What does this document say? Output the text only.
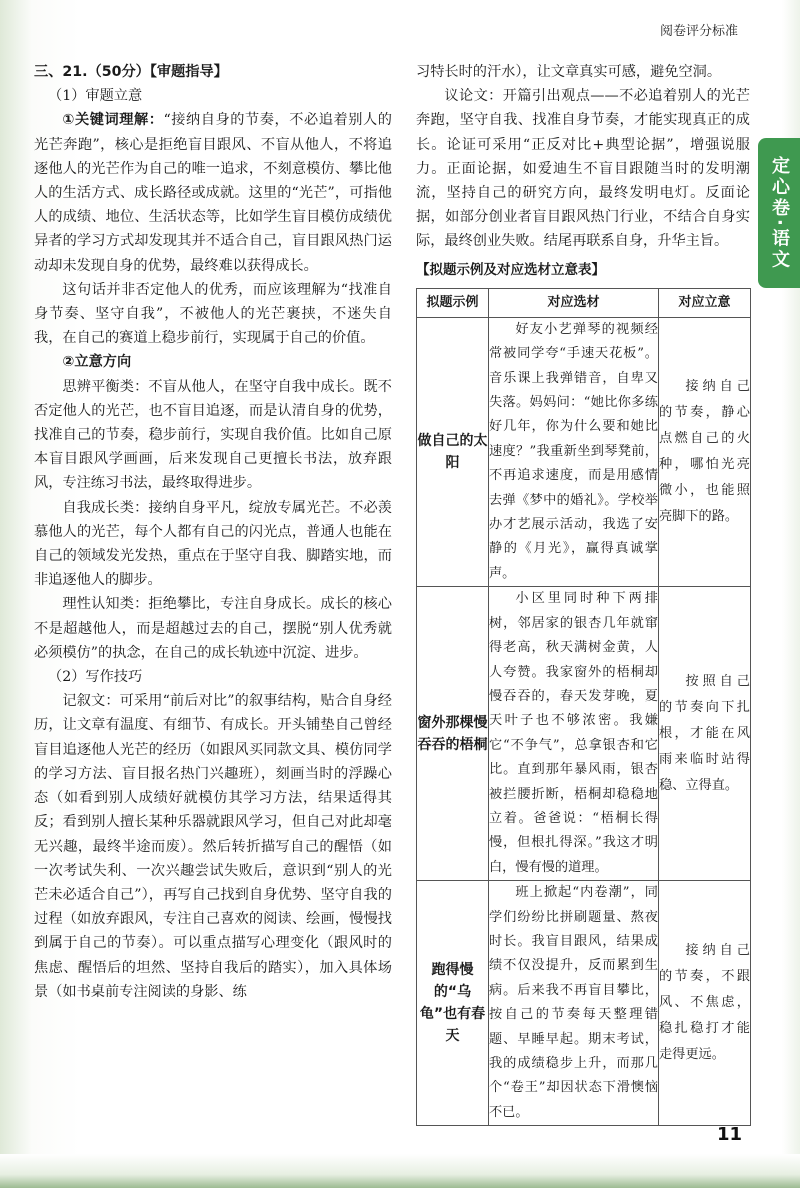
阅卷评分标准
定心卷·语文

三、21.（50分）【审题指导】

（1）审题立意

①关键词理解：“接纳自身的节奏，不必追着别人的光芒奔跑”，核心是拒绝盲目跟风、不盲从他人，不将追逐他人的光芒作为自己的唯一追求，不刻意模仿、攀比他人的生活方式、成长路径或成就。这里的“光芒”，可指他人的成绩、地位、生活状态等，比如学生盲目模仿成绩优异者的学习方式却发现其并不适合自己，盲目跟风热门运动却未发现自身的优势，最终难以获得成长。

这句话并非否定他人的优秀，而应该理解为“找准自身节奏、坚守自我”，不被他人的光芒裹挟，不迷失自我，在自己的赛道上稳步前行，实现属于自己的价值。

②立意方向

思辨平衡类：不盲从他人，在坚守自我中成长。既不否定他人的光芒，也不盲目追逐，而是认清自身的优势，找准自己的节奏，稳步前行，实现自我价值。比如自己原本盲目跟风学画画，后来发现自己更擅长书法，放弃跟风，专注练习书法，最终取得进步。

自我成长类：接纳自身平凡，绽放专属光芒。不必羡慕他人的光芒，每个人都有自己的闪光点，普通人也能在自己的领域发光发热，重点在于坚守自我、脚踏实地，而非追逐他人的脚步。

理性认知类：拒绝攀比，专注自身成长。成长的核心不是超越他人，而是超越过去的自己，摆脱“别人优秀就必须模仿”的执念，在自己的成长轨迹中沉淀、进步。

（2）写作技巧

记叙文：可采用“前后对比”的叙事结构，贴合自身经历，让文章有温度、有细节、有成长。开头铺垫自己曾经盲目追逐他人光芒的经历（如跟风买同款文具、模仿同学的学习方法、盲目报名热门兴趣班），刻画当时的浮躁心态（如看到别人成绩好就模仿其学习方法，结果适得其反；看到别人擅长某种乐器就跟风学习，但自己对此却毫无兴趣，最终半途而废）。然后转折描写自己的醒悟（如一次考试失利、一次兴趣尝试失败后，意识到“别人的光芒未必适合自己”），再写自己找到自身优势、坚守自我的过程（如放弃跟风，专注自己喜欢的阅读、绘画，慢慢找到属于自己的节奏）。可以重点描写心理变化（跟风时的焦虑、醒悟后的坦然、坚持自我后的踏实），加入具体场景（如书桌前专注阅读的身影、练

习特长时的汗水），让文章真实可感，避免空洞。

议论文：开篇引出观点——不必追着别人的光芒奔跑，坚守自我、找准自身节奏，才能实现真正的成长。论证可采用“正反对比+典型论据”，增强说服力。正面论据，如爱迪生不盲目跟随当时的发明潮流，坚持自己的研究方向，最终发明电灯。反面论据，如部分创业者盲目跟风热门行业，不结合自身实际，最终创业失败。结尾再联系自身，升华主旨。

【拟题示例及对应选材立意表】

拟题示例	对应选材	对应立意
做自己的太阳	好友小艺弹琴的视频经常被同学夸“手速天花板”。音乐课上我弹错音，自卑又失落。妈妈问：“她比你多练好几年，你为什么要和她比速度？”我重新坐到琴凳前，不再追求速度，而是用感情去弹《梦中的婚礼》。学校举办才艺展示活动，我选了安静的《月光》，赢得真诚掌声。	接纳自己的节奏，静心点燃自己的火种，哪怕光亮微小，也能照亮脚下的路。

窗外那棵慢吞吞的梧桐	小区里同时种下两排树，邻居家的银杏几年就窜得老高，秋天满树金黄，人人夸赞。我家窗外的梧桐却慢吞吞的，春天发芽晚，夏天叶子也不够浓密。我嫌它“不争气”，总拿银杏和它比。直到那年暴风雨，银杏被拦腰折断，梧桐却稳稳地立着。爸爸说：“梧桐长得慢，但根扎得深。”我这才明白，慢有慢的道理。	按照自己的节奏向下扎根，才能在风雨来临时站得稳、立得直。

跑得慢的“乌龟”也有春天	班上掀起“内卷潮”，同学们纷纷比拼刷题量、熬夜时长。我盲目跟风，结果成绩不仅没提升，反而累到生病。后来我不再盲目攀比，按自己的节奏每天整理错题、早睡早起。期末考试，我的成绩稳步上升，而那几个“卷王”却因状态下滑懊恼不已。	接纳自己的节奏，不跟风、不焦虑，稳扎稳打才能走得更远。

11
